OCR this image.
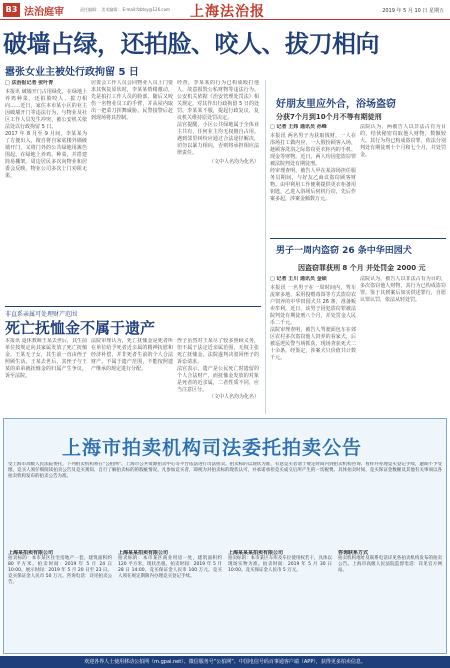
B3 法治庭审	责任编辑： 美术编辑： E-mail:fzbtsy@126.com 上海法治报	2019 年 5 月 10 日 星期五
破墙占绿，还拍脸、咬人、拔刀相向
嚣张女业主被处行政拘留 5 日
□ 法治报记者 张叶青
本报讯 破墙开门占用绿化，在绿地上养鸡种菜，还拍脸咬人、拔刀相向……近日，家住本市某小区的业主因破墙开门等违法行为，与物业及社区工作人员发生冲突，被公安机关依法处以行政拘留 5 日。
2017 年 8 月至 9 月间，李某某为了方便出入，擅自将自家底楼外墙破墙开门，又将门外的公共绿地用篱笆围起，在绿地上养鸡、种菜，并搭建简易棚架。周边居民多次向物业和居委会反映，物业公司多次上门劝阻无果。
居委会工作人员会同物业人员上门要求其恢复原状时，李某某情绪激动，先是拍打工作人员的脸部，随后又咬伤一名物业员工的手臂，并从屋内取出一把菜刀挥舞威胁。民警接警后赶到现场将其控制。
经查，李某某的行为已构成殴打他人、故意损毁公私财物等违法行为。公安机关依据《治安管理处罚法》相关规定，对其作出行政拘留 5 日的处罚。李某某不服，提起行政复议，复议机关维持原处罚决定。
法官提醒，小区公共绿地属于全体业主共有，任何业主均无权擅自占用。遇到邻里纠纷应通过合法途径解决，切勿以暴力相向，否则将承担相应法律责任。
（文中人名均为化名）
非直系亲属可处理财产范围
死亡抚恤金不属于遗产
本报讯 退休教师王某去世后，其生前单位按规定向其家属发放了死亡抚恤金。王某无子女，其生前一直由侄子照顾生活。王某去世后，其侄子与王某的弟弟就抚恤金的归属产生争议，诉至法院。
法院审理认为，死亡抚恤金是死者所在单位给予死者近亲属的精神抚慰和经济补偿，并非死者生前的个人合法财产，不属于遗产范围，不能按照遗产继承的规定进行分配。
侄子虽然对王某尽了较多照顾义务，但不属于法定近亲属范围，无权主张死亡抚恤金。法院遂判决驳回侄子的诉讼请求。
法官表示，遗产是公民死亡时遗留的个人合法财产，而抚恤金发放的对象是死者的近亲属，二者性质不同，应当注意区分。
（文中人名均为化名）
好朋友里应外合，浴场盗窃
分获7个月到10个月不等有期徒刑
□ 记者 王炜 通讯员 孙峰
本报讯 两名男子为获取钱财，一人在浴场打工做内应，一人假扮顾客入场，趁顾客洗浴之际盗窃更衣柜内的手机、现金等财物。近日，两人均因犯盗窃罪被法院判处有期徒刑。
经审理查明，被告人甲在某浴场担任服务员期间，与好友乙商议盗窃顾客财物。由甲利用工作便利提供更衣柜备用钥匙，乙进入浴场后伺机行窃，先后作案多起，涉案金额数万元。
法院认为，两被告人以非法占有为目的，结伙秘密窃取他人财物，数额较大，其行为均已构成盗窃罪，依法分别判处有期徒刑十个月和七个月，并处罚金。
男子一周内盗窃 26 条中华田园犬
因盗窃罪获刑 8 个月 并处罚金 2000 元
□ 记者 王川 通讯员 金硕
本报讯 一名男子在一周时间内，驾车流窜多地，采用投喂毒饵等方式盗窃农户饲养的中华田园犬共 26 条，准备贩卖牟利。近日，该男子因犯盗窃罪被法院判处有期徒刑八个月，并处罚金人民币二千元。
法院审理查明，被告人驾驶面包车在郊区农村多次盗窃他人饲养的看家犬，后被巡逻民警当场抓获，现场查获死犬二十余条。经鉴定，涉案犬只价值共计数千元。
法院认为，被告人以非法占有为目的，多次盗窃他人财物，其行为已构成盗窃罪。鉴于其到案后如实供述罪行，自愿认罪认罚，依法从轻处罚。
上海市拍卖机构司法委托拍卖公告
受上海市高级人民法院委托，下列拍卖机构将在“公拍网”、上海市公共资源拍卖中心等平台依法进行司法拍卖。拍卖标的以现状为准，有意竞买者请于规定时间内到拍卖机构咨询、看样并办理竞买登记手续，逾期不予受理。竞买人须仔细阅读拍卖公告及竞买须知，自行了解拍卖标的的瑕疵情况。凡参加竞买者，即视为对拍卖标的现状认可，并承诺承担竞买成交后所产生的一切税费。具体拍卖时间、竞买保证金数额及其他有关事项以各拍卖机构发布的拍卖公告为准。
上海某拍卖有限公司
拍卖标的：本市某区住宅房地产一套，建筑面积约 80 平方米。拍卖时间：2019 年 5 月 24 日 10:00。展示时间：2019 年 5 月 20 日至 23 日。竞买保证金人民币 50 万元。咨询电话：详见拍卖公告。
上海某某拍卖有限公司
拍卖标的：本市某区商业用房一处，建筑面积约 120 平方米，现状出租。拍卖时间：2019 年 5 月 28 日 14:00。竞买保证金人民币 100 万元。竞买人须在规定期限内办理竞买登记手续。
上海某某某拍卖有限公司
拍卖标的：本市某区车库及车位使用权若干，具体以现场实物为准。拍卖时间：2019 年 5 月 30 日 10:00。竞买保证金人民币 5 万元。
咨询联系方式
拍卖机构地址及联系电话详见各拍卖机构发布的拍卖公告。上海市高级人民法院监督电话：详见官方网站。
欢迎各界人士使用移动公拍网（m.gpai.net）、微信服务号“公拍网”、中国电信号码百事通客户端（APP），获得更多拍卖信息。
